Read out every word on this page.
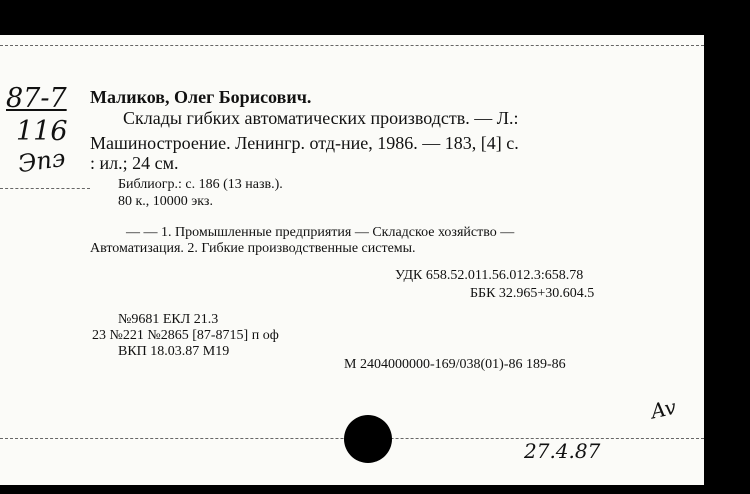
87-7
116
Эпэ
Маликов, Олег Борисович.
Склады гибких автоматических производств. — Л.:
Машиностроение. Ленингр. отд-ние, 1986. — 183, [4] с.
: ил.; 24 см.
Библиогр.: с. 186 (13 назв.).
80 к., 10000 экз.
— — 1. Промышленные предприятия — Складское хозяйство —
Автоматизация. 2. Гибкие производственные системы.
УДК 658.52.011.56.012.3:658.78
ББК 32.965+30.604.5
№9681 ЕКЛ 21.3
23 №221 №2865 [87-8715] п оф
ВКП 18.03.87 М19
М 2404000000-169/038(01)-86 189-86
Av
27.4.87
